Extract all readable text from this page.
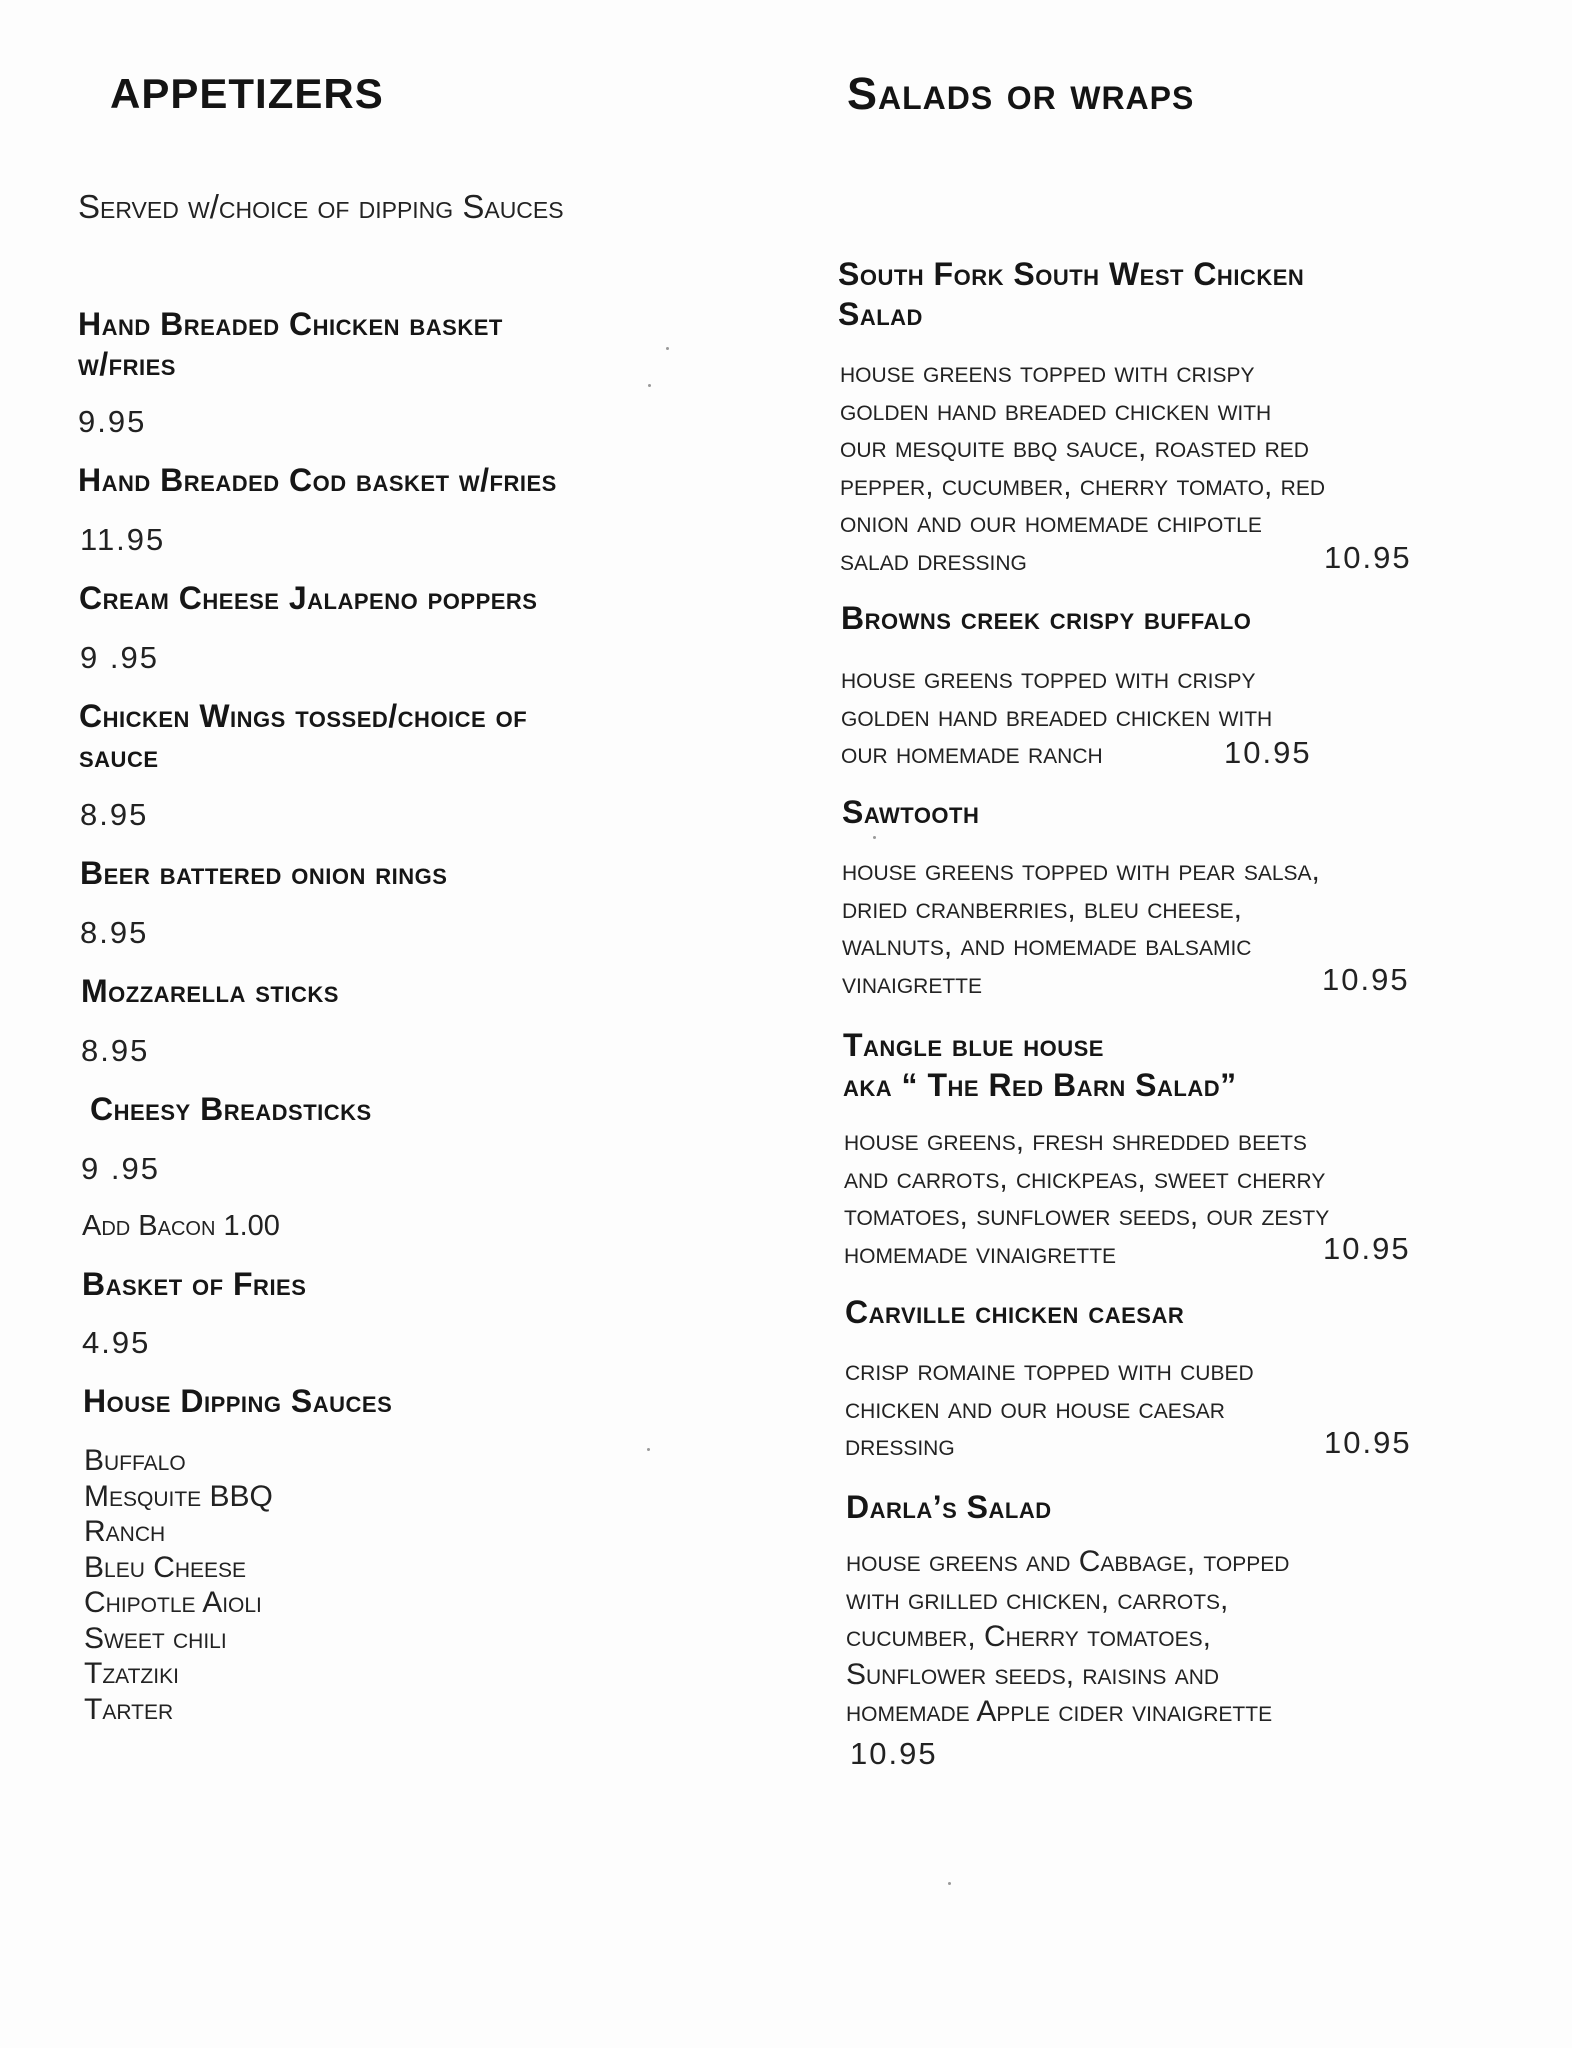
APPETIZERS
Served w/choice of dipping Sauces
Hand Breaded Chicken basket
w/fries
9.95
Hand Breaded Cod basket w/fries
11.95
Cream Cheese Jalapeno poppers
9 .95
Chicken Wings tossed/choice of
sauce
8.95
Beer battered onion rings
8.95
Mozzarella sticks
8.95
Cheesy Breadsticks
9 .95
Add Bacon 1.00
Basket of Fries
4.95
House Dipping Sauces
Buffalo
Mesquite BBQ
Ranch
Bleu Cheese
Chipotle Aioli
Sweet chili
Tzatziki
Tarter
Salads or wraps
South Fork South West Chicken
Salad
house greens topped with crispy
golden hand breaded chicken with
our mesquite bbq sauce, roasted red
pepper, cucumber, cherry tomato, red
onion and our homemade chipotle
salad dressing	10.95
Browns creek crispy buffalo
house greens topped with crispy
golden hand breaded chicken with
our homemade ranch	10.95
Sawtooth
house greens topped with pear salsa,
dried cranberries, bleu cheese,
walnuts, and homemade balsamic
vinaigrette	10.95
Tangle blue house
aka “ The Red Barn Salad”
house greens, fresh shredded beets
and carrots, chickpeas, sweet cherry
tomatoes, sunflower seeds, our zesty
homemade vinaigrette	10.95
Carville chicken caesar
crisp romaine topped with cubed
chicken and our house caesar
dressing	10.95
Darla’s Salad
house greens and Cabbage, topped
with grilled chicken, carrots,
cucumber, Cherry tomatoes,
Sunflower seeds, raisins and
homemade Apple cider vinaigrette
10.95
